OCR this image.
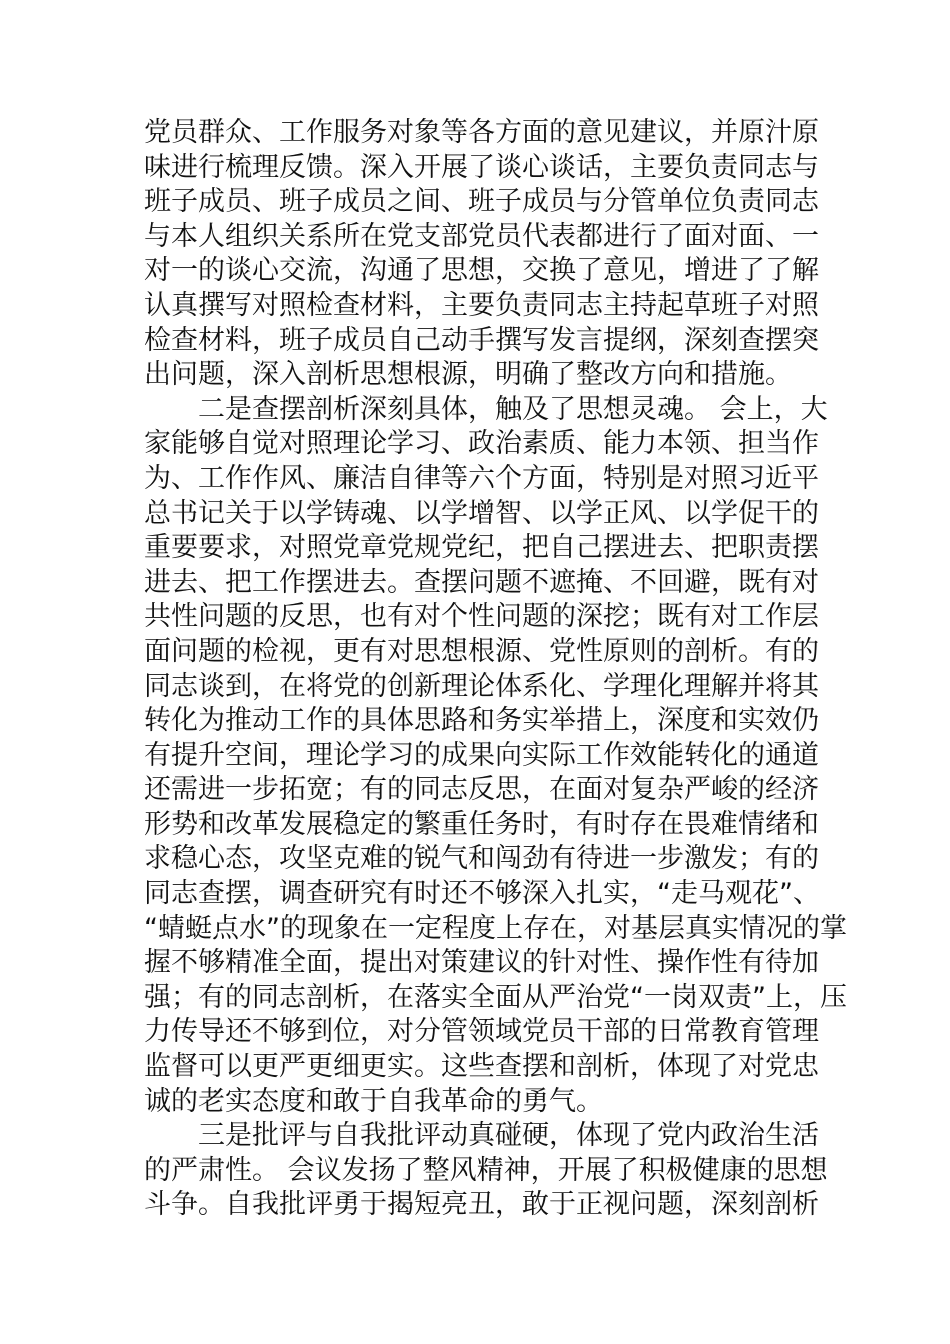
党员群众、工作服务对象等各方面的意见建议，并原汁原
味进行梳理反馈。深入开展了谈心谈话，主要负责同志与
班子成员、班子成员之间、班子成员与分管单位负责同志
与本人组织关系所在党支部党员代表都进行了面对面、一
对一的谈心交流，沟通了思想，交换了意见，增进了了解
认真撰写对照检查材料，主要负责同志主持起草班子对照
检查材料，班子成员自己动手撰写发言提纲，深刻查摆突
出问题，深入剖析思想根源，明确了整改方向和措施。
　　二是查摆剖析深刻具体，触及了思想灵魂。 会上，大
家能够自觉对照理论学习、政治素质、能力本领、担当作
为、工作作风、廉洁自律等六个方面，特别是对照习近平
总书记关于以学铸魂、以学增智、以学正风、以学促干的
重要要求，对照党章党规党纪，把自己摆进去、把职责摆
进去、把工作摆进去。查摆问题不遮掩、不回避，既有对
共性问题的反思，也有对个性问题的深挖；既有对工作层
面问题的检视，更有对思想根源、党性原则的剖析。有的
同志谈到，在将党的创新理论体系化、学理化理解并将其
转化为推动工作的具体思路和务实举措上，深度和实效仍
有提升空间，理论学习的成果向实际工作效能转化的通道
还需进一步拓宽；有的同志反思，在面对复杂严峻的经济
形势和改革发展稳定的繁重任务时，有时存在畏难情绪和
求稳心态，攻坚克难的锐气和闯劲有待进一步激发；有的
同志查摆，调查研究有时还不够深入扎实，“走马观花”、
“蜻蜓点水”的现象在一定程度上存在，对基层真实情况的掌
握不够精准全面，提出对策建议的针对性、操作性有待加
强；有的同志剖析，在落实全面从严治党“一岗双责”上，压
力传导还不够到位，对分管领域党员干部的日常教育管理
监督可以更严更细更实。这些查摆和剖析，体现了对党忠
诚的老实态度和敢于自我革命的勇气。
　　三是批评与自我批评动真碰硬，体现了党内政治生活
的严肃性。 会议发扬了整风精神，开展了积极健康的思想
斗争。自我批评勇于揭短亮丑，敢于正视问题，深刻剖析
